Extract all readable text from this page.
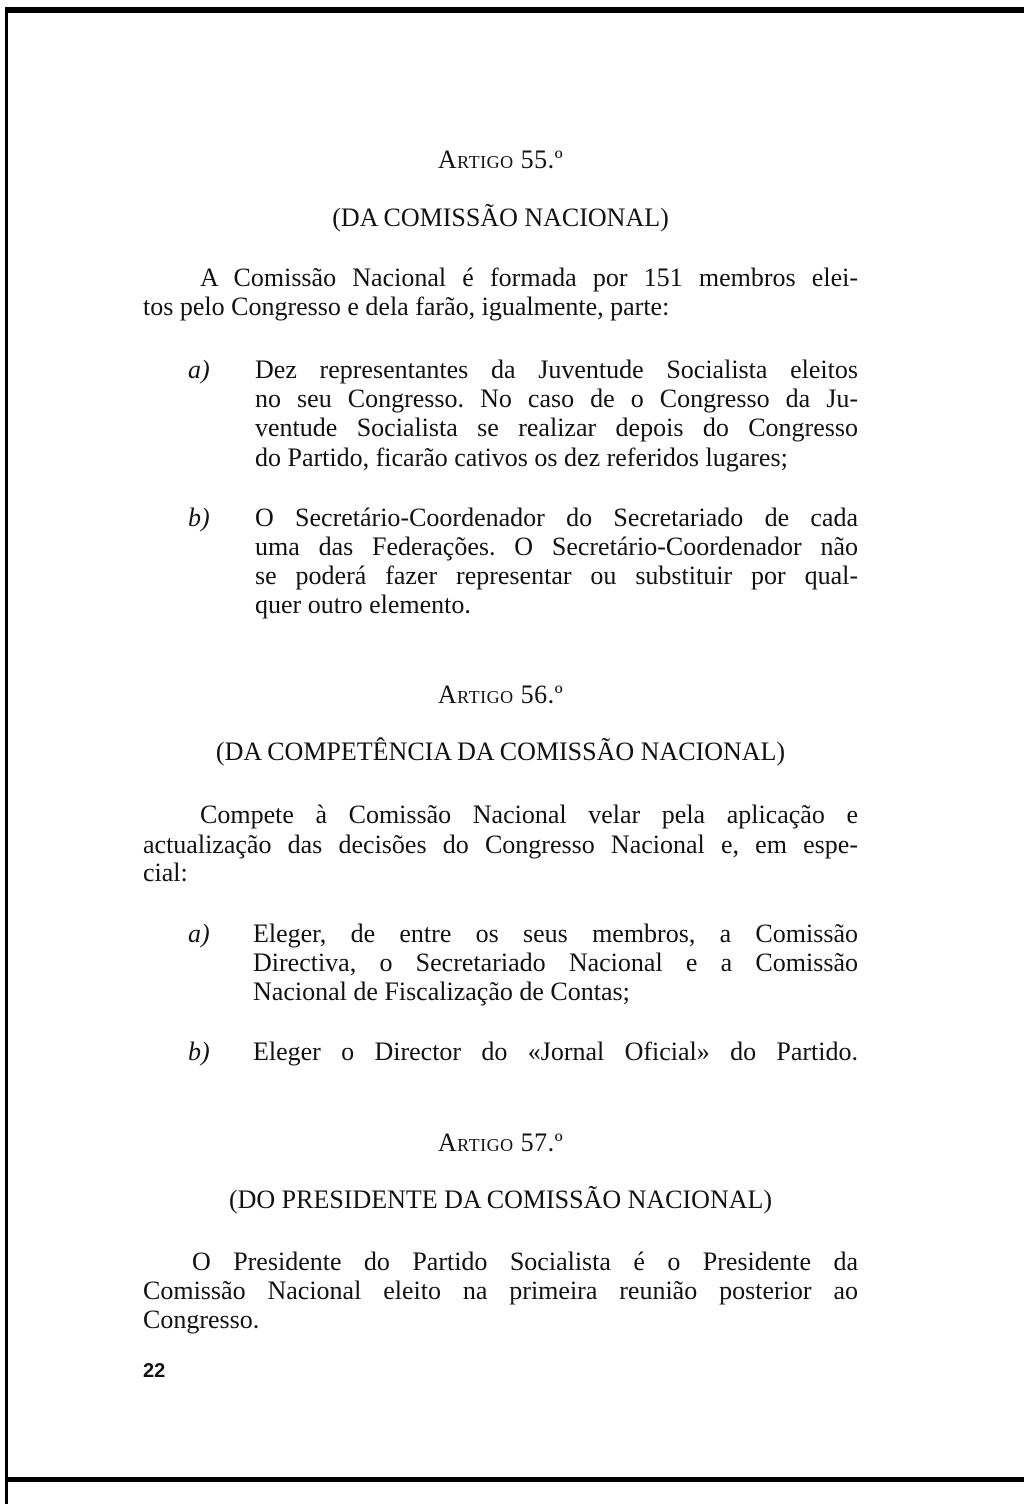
Artigo 55.º
(DA COMISSÃO NACIONAL)
A Comissão Nacional é formada por 151 membros elei-
tos pelo Congresso e dela farão, igualmente, parte:
a) Dez representantes da Juventude Socialista eleitos
no seu Congresso. No caso de o Congresso da Ju-
ventude Socialista se realizar depois do Congresso
do Partido, ficarão cativos os dez referidos lugares;
b) O Secretário-Coordenador do Secretariado de cada
uma das Federações. O Secretário-Coordenador não
se poderá fazer representar ou substituir por qual-
quer outro elemento.
Artigo 56.º
(DA COMPETÊNCIA DA COMISSÃO NACIONAL)
Compete à Comissão Nacional velar pela aplicação e
actualização das decisões do Congresso Nacional e, em espe-
cial:
a) Eleger, de entre os seus membros, a Comissão
Directiva, o Secretariado Nacional e a Comissão
Nacional de Fiscalização de Contas;
b) Eleger o Director do «Jornal Oficial» do Partido.
Artigo 57.º
(DO PRESIDENTE DA COMISSÃO NACIONAL)
O Presidente do Partido Socialista é o Presidente da
Comissão Nacional eleito na primeira reunião posterior ao
Congresso.
22
